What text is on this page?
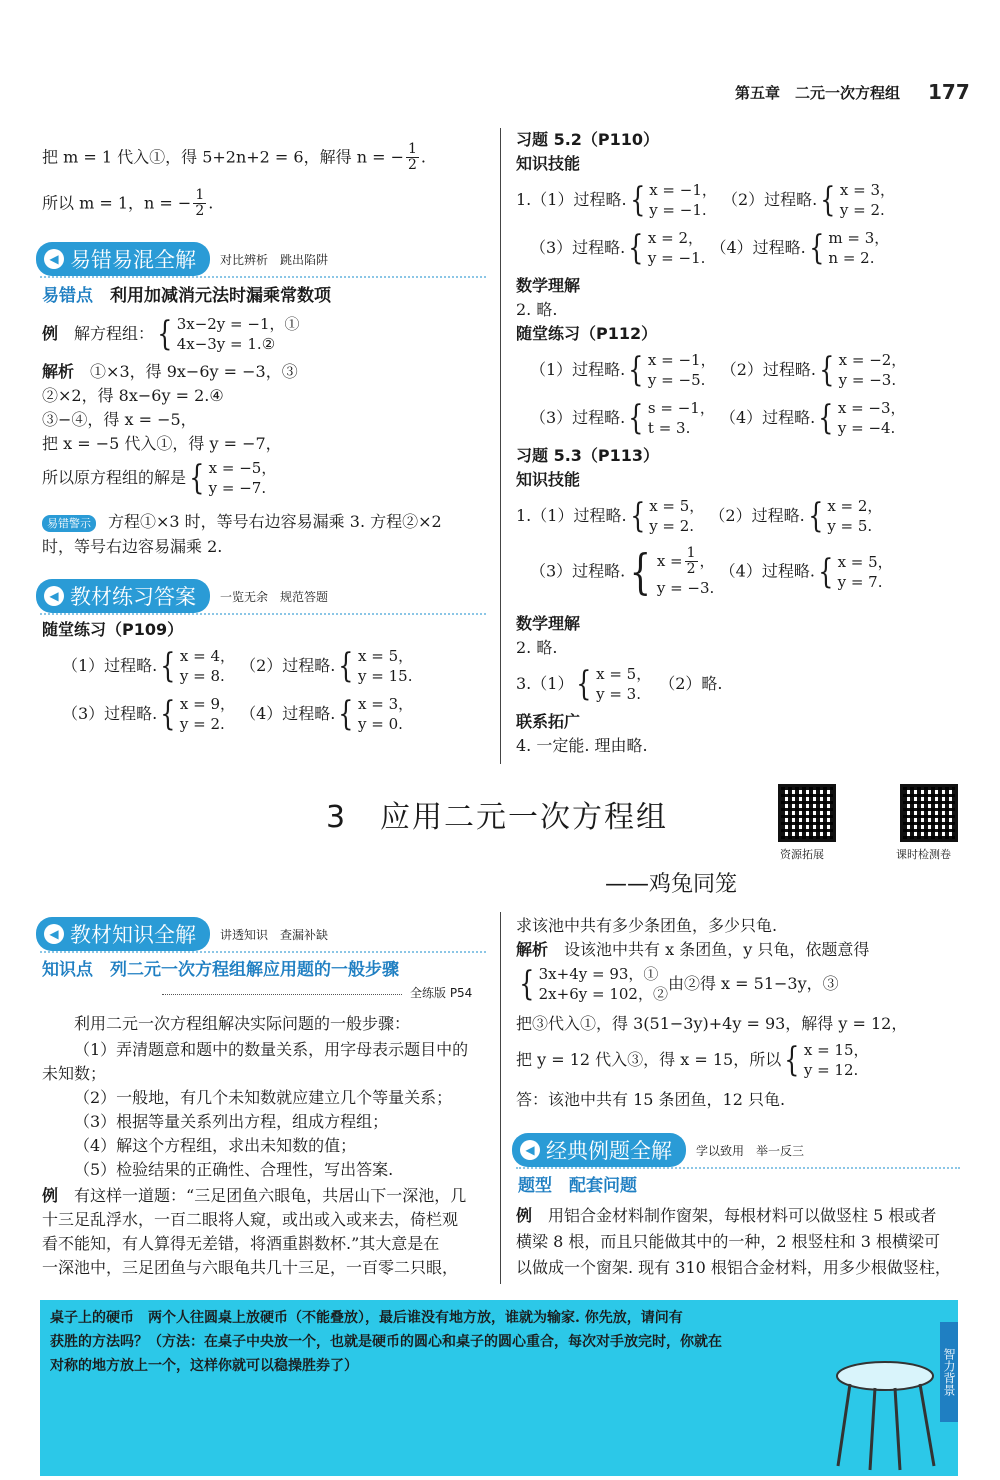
第五章　二元一次方程组 177
把 m = 1 代入①，得 5+2n+2 = 6，解得 n = − $\frac{1}{2}$ .
所以 m = 1，n = − $\frac{1}{2}$ .
◀ 易错易混全解 对比辨析　跳出陷阱
易错点　 利用加减消元法时漏乘常数项
例　 解方程组： { 3x−2y = −1，①
4x−3y = 1.②
解析　 ①×3，得 9x−6y = −3，③
②×2，得 8x−6y = 2.④
③−④，得 x = −5，
把 x = −5 代入①，得 y = −7，
所以原方程组的解是 { x = −5，
y = −7.
易错警示 方程①×3 时，等号右边容易漏乘 3. 方程②×2
时，等号右边容易漏乘 2.
◀ 教材练习答案 一览无余　规范答题
随堂练习（P109）
（1）过程略. { x = 4，
y = 8.
（2）过程略. { x = 5，
y = 15.
（3）过程略. { x = 9，
y = 2.
（4）过程略. { x = 3，
y = 0.
习题 5.2（P110）
知识技能
1.（1）过程略. { x = −1，
y = −1.
（2）过程略. { x = 3，
y = 2.
（3）过程略. { x = 2，
y = −1.
（4）过程略. { m = 3，
n = 2.
数学理解
2. 略.
随堂练习（P112）
（1）过程略. { x = −1，
y = −5.
（2）过程略. { x = −2，
y = −3.
（3）过程略. { s = −1，
t = 3.
（4）过程略. { x = −3，
y = −4.
习题 5.3（P113）
知识技能
1.（1）过程略. { x = 5，
y = 2.
（2）过程略. { x = 2，
y = 5.
（3）过程略. { $x = \frac{1}{2}$ ，
y = −3.
（4）过程略. { x = 5，
y = 7.
数学理解
2. 略.
3.（1） { x = 5，
y = 3.
　（2）略.
联系拓广
4. 一定能. 理由略.
3 应用二元一次方程组
——鸡兔同笼
资源拓展	课时检测卷
◀ 教材知识全解 讲透知识　查漏补缺
知识点　 列二元一次方程组解应用题的一般步骤
全练版 P54
利用二元一次方程组解决实际问题的一般步骤：
（1）弄清题意和题中的数量关系，用字母表示题目中的
未知数；
（2）一般地，有几个未知数就应建立几个等量关系；
（3）根据等量关系列出方程，组成方程组；
（4）解这个方程组，求出未知数的值；
（5）检验结果的正确性、合理性，写出答案.
例　 有这样一道题：“三足团鱼六眼龟，共居山下一深池，几
十三足乱浮水，一百二眼将人窥，或出或入或来去，倚栏观
看不能知，有人算得无差错，将酒重斟数杯.”其大意是在
一深池中，三足团鱼与六眼龟共几十三足，一百零二只眼，
求该池中共有多少条团鱼，多少只龟.
解析　 设该池中共有 x 条团鱼，y 只龟，依题意得
{ 3x+4y = 93，①
2x+6y = 102，②
由②得 x = 51−3y，③
把③代入①，得 3(51−3y)+4y = 93，解得 y = 12，
把 y = 12 代入③，得 x = 15，所以 { x = 15，
y = 12.
答：该池中共有 15 条团鱼，12 只龟.
◀ 经典例题全解 学以致用　举一反三
题型　 配套问题
例　 用铝合金材料制作窗架，每根材料可以做竖柱 5 根或者
横梁 8 根，而且只能做其中的一种，2 根竖柱和 3 根横梁可
以做成一个窗架. 现有 310 根铝合金材料，用多少根做竖柱，
桌子上的硬币　 两个人往圆桌上放硬币（不能叠放），最后谁没有地方放，谁就为输家. 你先放，请问有
获胜的方法吗？（方法：在桌子中央放一个，也就是硬币的圆心和桌子的圆心重合，每次对手放完时，你就在
对称的地方放上一个，这样你就可以稳操胜券了）	智力背景
